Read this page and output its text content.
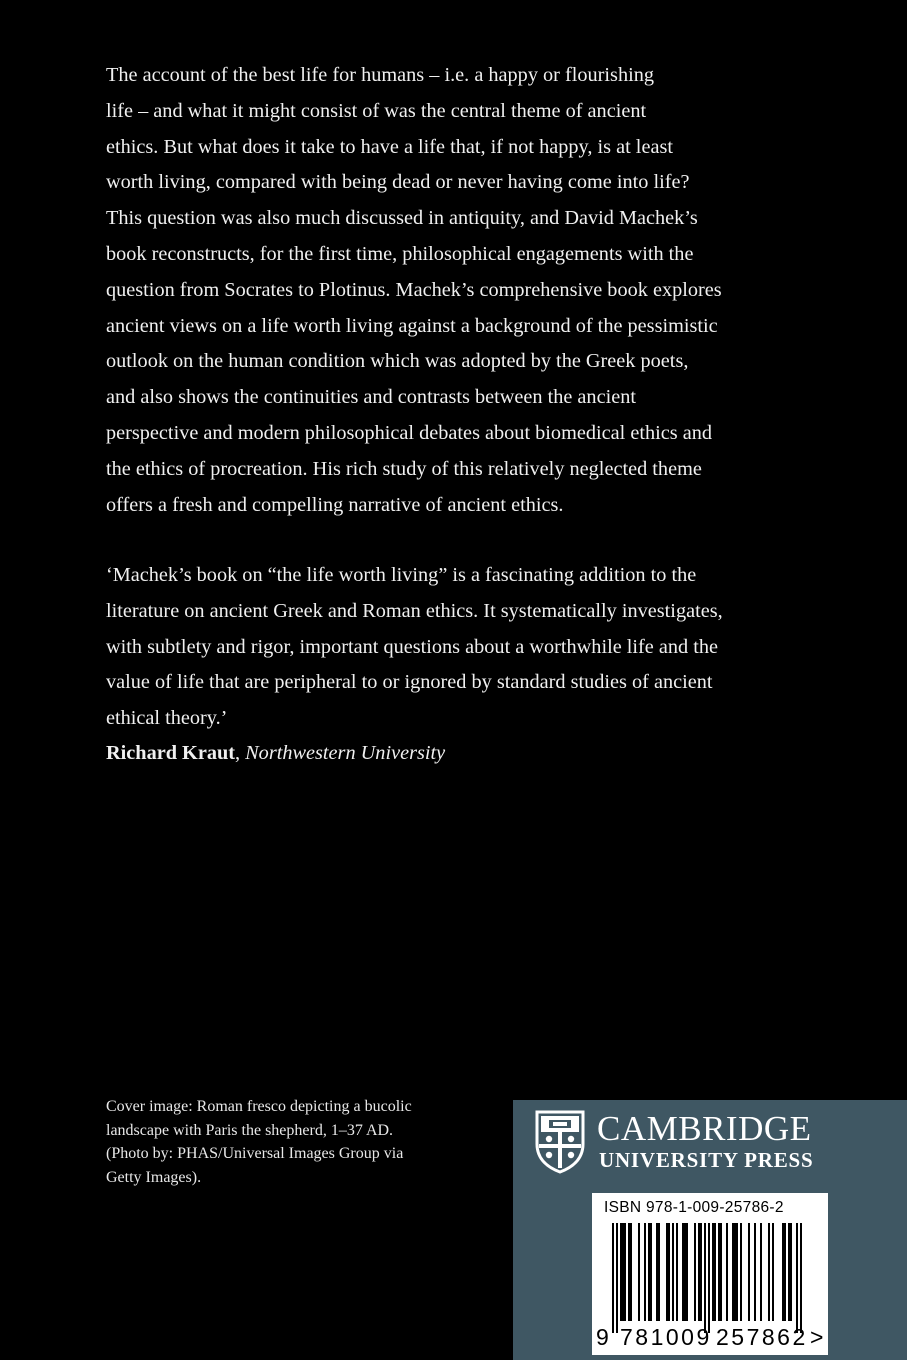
The account of the best life for humans – i.e. a happy or flourishing
life – and what it might consist of was the central theme of ancient
ethics. But what does it take to have a life that, if not happy, is at least
worth living, compared with being dead or never having come into life?
This question was also much discussed in antiquity, and David Machek’s
book reconstructs, for the first time, philosophical engagements with the
question from Socrates to Plotinus. Machek’s comprehensive book explores
ancient views on a life worth living against a background of the pessimistic
outlook on the human condition which was adopted by the Greek poets,
and also shows the continuities and contrasts between the ancient
perspective and modern philosophical debates about biomedical ethics and
the ethics of procreation. His rich study of this relatively neglected theme
offers a fresh and compelling narrative of ancient ethics.
‘Machek’s book on “the life worth living” is a fascinating addition to the
literature on ancient Greek and Roman ethics. It systematically investigates,
with subtlety and rigor, important questions about a worthwhile life and the
value of life that are peripheral to or ignored by standard studies of ancient
ethical theory.’
Richard Kraut, Northwestern University
Cover image: Roman fresco depicting a bucolic
landscape with Paris the shepherd, 1–37 AD.
(Photo by: PHAS/Universal Images Group via
Getty Images).
CAMBRIDGE
UNIVERSITY PRESS
ISBN 978-1-009-25786-2
9 781009 257862 >
